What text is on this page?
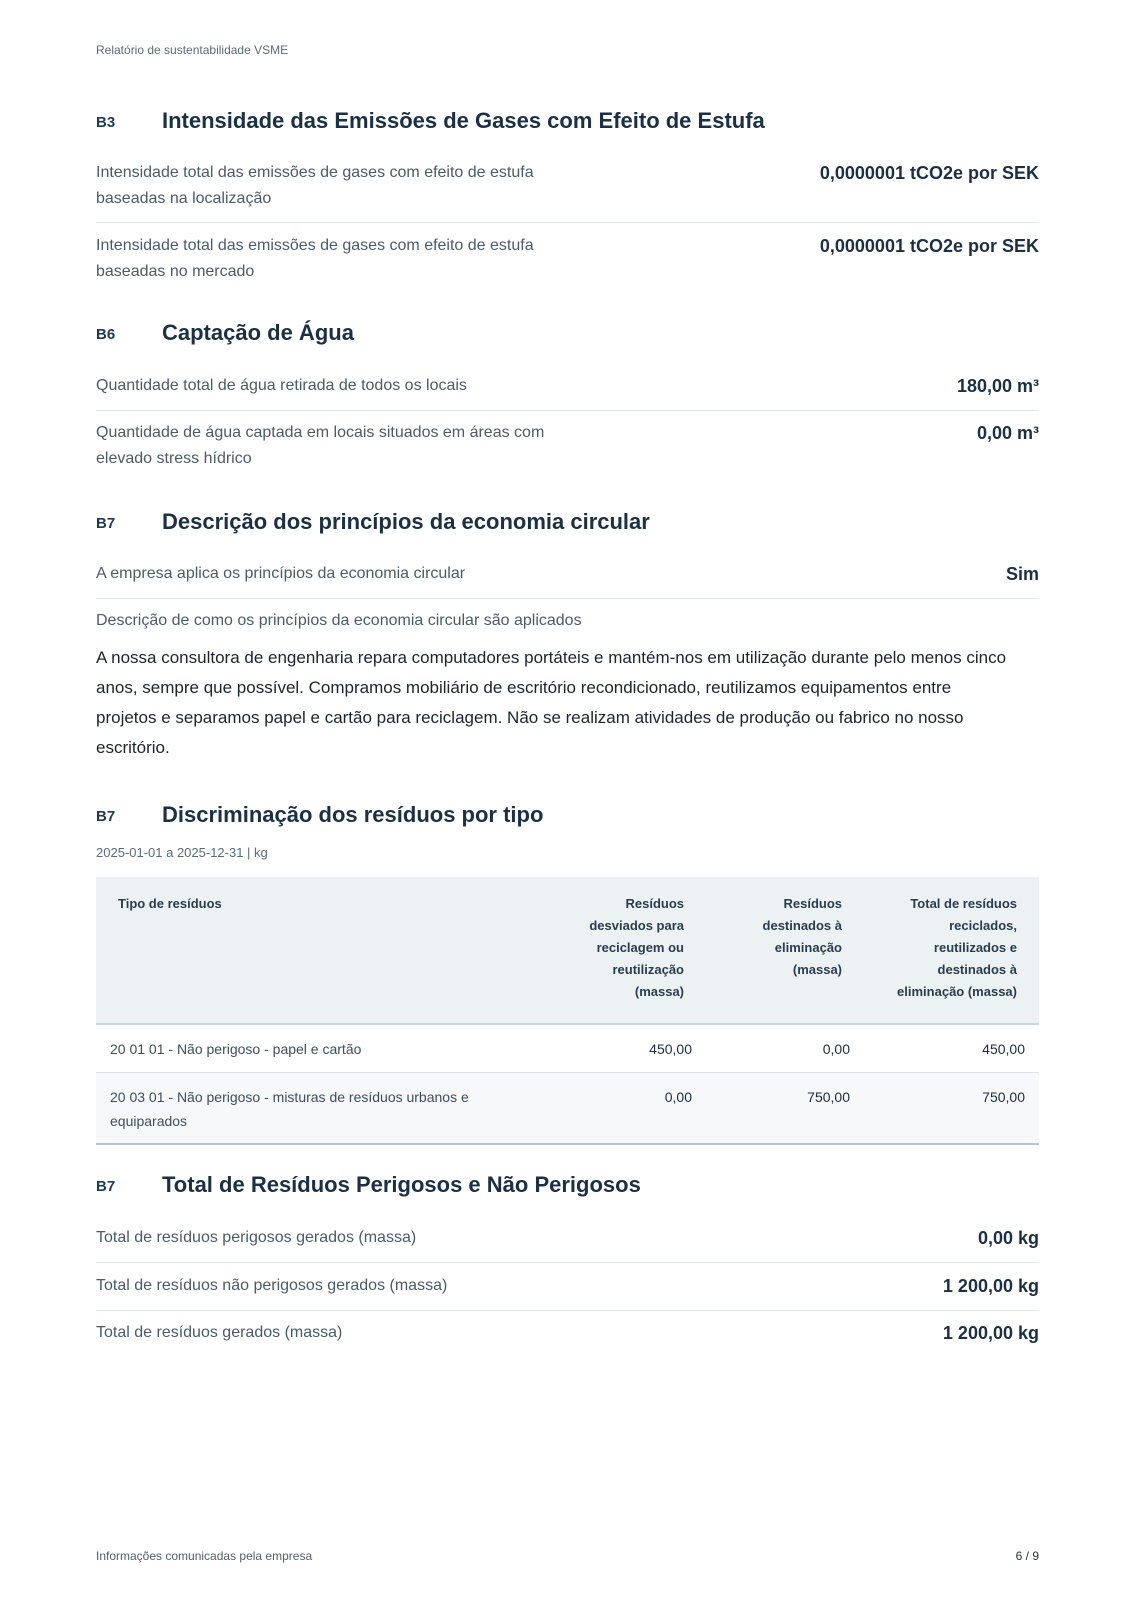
Relatório de sustentabilidade VSME
B3 Intensidade das Emissões de Gases com Efeito de Estufa
Intensidade total das emissões de gases com efeito de estufa baseadas na localização
0,0000001 tCO2e por SEK
Intensidade total das emissões de gases com efeito de estufa baseadas no mercado
0,0000001 tCO2e por SEK
B6 Captação de Água
Quantidade total de água retirada de todos os locais	180,00 m³
Quantidade de água captada em locais situados em áreas com elevado stress hídrico
0,00 m³
B7 Descrição dos princípios da economia circular
A empresa aplica os princípios da economia circular	Sim
Descrição de como os princípios da economia circular são aplicados
A nossa consultora de engenharia repara computadores portáteis e mantém-nos em utilização durante pelo menos cinco anos, sempre que possível. Compramos mobiliário de escritório recondicionado, reutilizamos equipamentos entre projetos e separamos papel e cartão para reciclagem. Não se realizam atividades de produção ou fabrico no nosso escritório.
B7 Discriminação dos resíduos por tipo
2025-01-01 a 2025-12-31 | kg
Tipo de resíduos	Resíduos desviados para reciclagem ou reutilização (massa)	Resíduos destinados à eliminação (massa)	Total de resíduos reciclados, reutilizados e destinados à eliminação (massa)
20 01 01 - Não perigoso - papel e cartão	450,00	0,00	450,00
20 03 01 - Não perigoso - misturas de resíduos urbanos e equiparados	0,00	750,00	750,00
B7 Total de Resíduos Perigosos e Não Perigosos
Total de resíduos perigosos gerados (massa)	0,00 kg
Total de resíduos não perigosos gerados (massa)	1 200,00 kg
Total de resíduos gerados (massa)	1 200,00 kg
Informações comunicadas pela empresa	6 / 9
